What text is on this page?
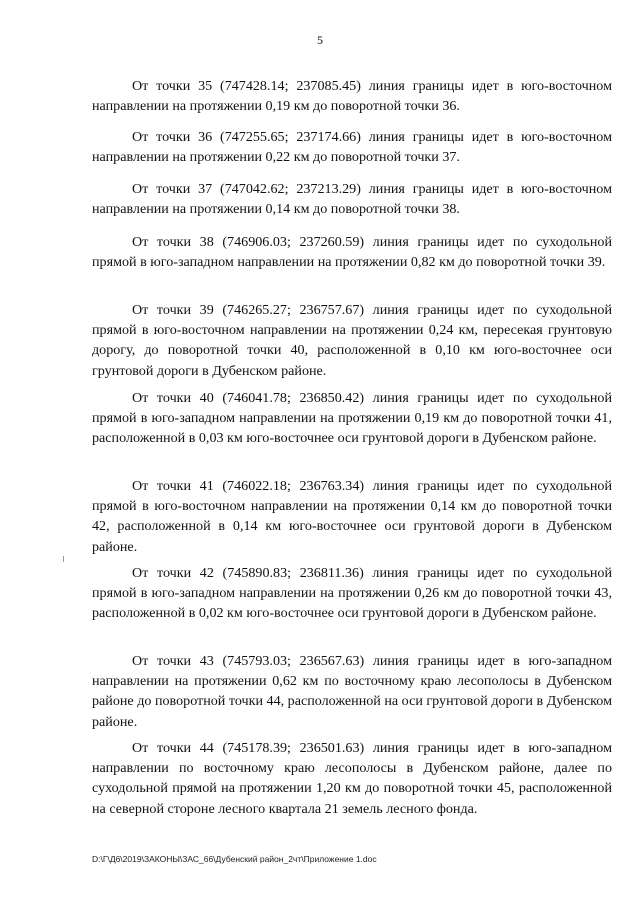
5

От точки 35 (747428.14; 237085.45) линия границы идет в юго-восточном направлении на протяжении 0,19 км до поворотной точки 36.

От точки 36 (747255.65; 237174.66) линия границы идет в юго-восточном направлении на протяжении 0,22 км до поворотной точки 37.

От точки 37 (747042.62; 237213.29) линия границы идет в юго-восточном направлении на протяжении 0,14 км до поворотной точки 38.

От точки 38 (746906.03; 237260.59) линия границы идет по суходольной прямой в юго-западном направлении на протяжении 0,82 км до поворотной точки 39.

От точки 39 (746265.27; 236757.67) линия границы идет по суходольной прямой в юго-восточном направлении на протяжении 0,24 км, пересекая грунтовую дорогу, до поворотной точки 40, расположенной в 0,10 км юго-восточнее оси грунтовой дороги в Дубенском районе.

От точки 40 (746041.78; 236850.42) линия границы идет по суходольной прямой в юго-западном направлении на протяжении 0,19 км до поворотной точки 41, расположенной в 0,03 км юго-восточнее оси грунтовой дороги в Дубенском районе.

От точки 41 (746022.18; 236763.34) линия границы идет по суходольной прямой в юго-восточном направлении на протяжении 0,14 км до поворотной точки 42, расположенной в 0,14 км юго-восточнее оси грунтовой дороги в Дубенском районе.

От точки 42 (745890.83; 236811.36) линия границы идет по суходольной прямой в юго-западном направлении на протяжении 0,26 км до поворотной точки 43, расположенной в 0,02 км юго-восточнее оси грунтовой дороги в Дубенском районе.

От точки 43 (745793.03; 236567.63) линия границы идет в юго-западном направлении на протяжении 0,62 км по восточному краю лесополосы в Дубенском районе до поворотной точки 44, расположенной на оси грунтовой дороги в Дубенском районе.

От точки 44 (745178.39; 236501.63) линия границы идет в юго-западном направлении по восточному краю лесополосы в Дубенском районе, далее по суходольной прямой на протяжении 1,20 км до поворотной точки 45, расположенной на северной стороне лесного квартала 21 земель лесного фонда.

D:\Г\Д6\2019\ЗАКОНЫ\ЗАС_66\Дубенский район_2чт\Приложение 1.doc
